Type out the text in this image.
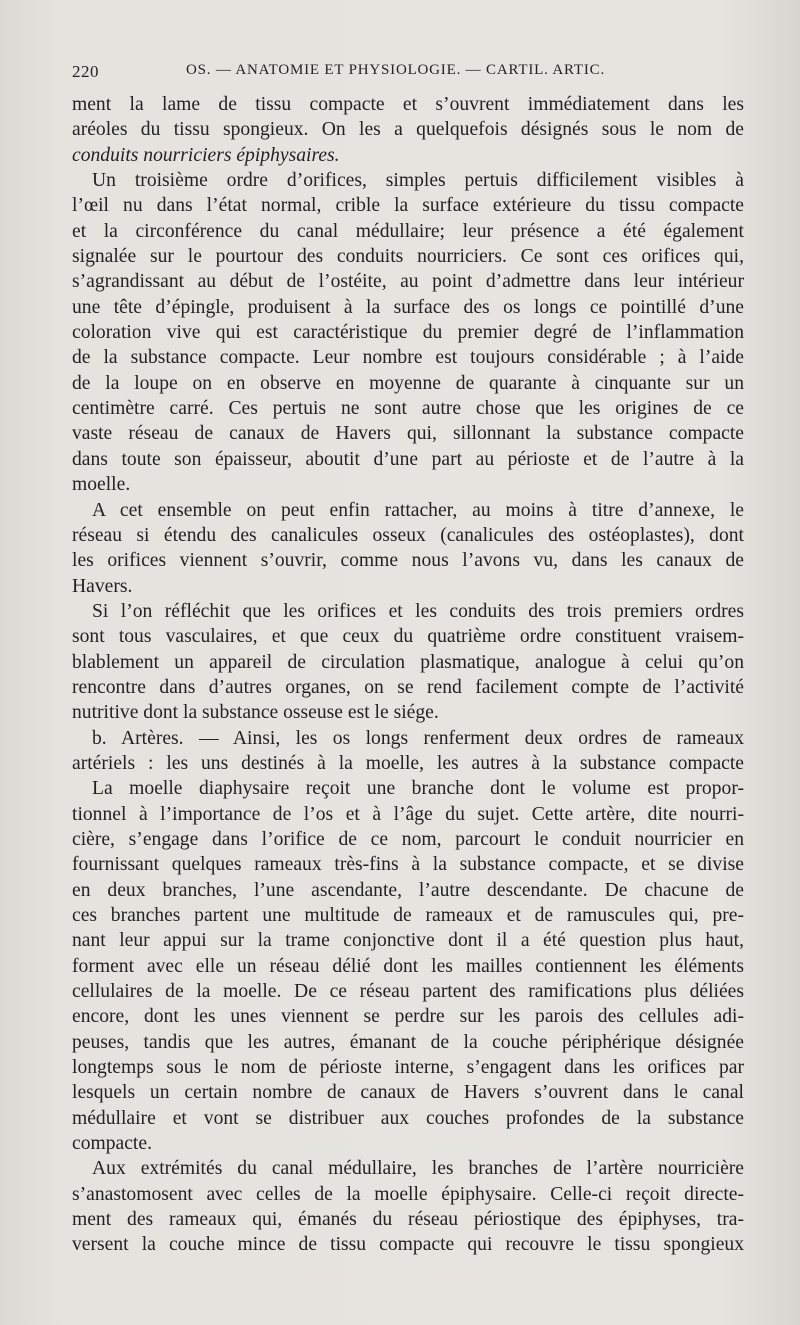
220	OS. — ANATOMIE ET PHYSIOLOGIE. — CARTIL. ARTIC.
ment la lame de tissu compacte et s’ouvrent immédiatement dans les
aréoles du tissu spongieux. On les a quelquefois désignés sous le nom de
conduits nourriciers épiphysaires.
Un troisième ordre d’orifices, simples pertuis difficilement visibles à
l’œil nu dans l’état normal, crible la surface extérieure du tissu compacte
et la circonférence du canal médullaire; leur présence a été également
signalée sur le pourtour des conduits nourriciers. Ce sont ces orifices qui,
s’agrandissant au début de l’ostéite, au point d’admettre dans leur intérieur
une tête d’épingle, produisent à la surface des os longs ce pointillé d’une
coloration vive qui est caractéristique du premier degré de l’inflammation
de la substance compacte. Leur nombre est toujours considérable ; à l’aide
de la loupe on en observe en moyenne de quarante à cinquante sur un
centimètre carré. Ces pertuis ne sont autre chose que les origines de ce
vaste réseau de canaux de Havers qui, sillonnant la substance compacte
dans toute son épaisseur, aboutit d’une part au périoste et de l’autre à la
moelle.
A cet ensemble on peut enfin rattacher, au moins à titre d’annexe, le
réseau si étendu des canalicules osseux (canalicules des ostéoplastes), dont
les orifices viennent s’ouvrir, comme nous l’avons vu, dans les canaux de
Havers.
Si l’on réfléchit que les orifices et les conduits des trois premiers ordres
sont tous vasculaires, et que ceux du quatrième ordre constituent vraisem-
blablement un appareil de circulation plasmatique, analogue à celui qu’on
rencontre dans d’autres organes, on se rend facilement compte de l’activité
nutritive dont la substance osseuse est le siége.
b. Artères. — Ainsi, les os longs renferment deux ordres de rameaux
artériels : les uns destinés à la moelle, les autres à la substance compacte
La moelle diaphysaire reçoit une branche dont le volume est propor-
tionnel à l’importance de l’os et à l’âge du sujet. Cette artère, dite nourri-
cière, s’engage dans l’orifice de ce nom, parcourt le conduit nourricier en
fournissant quelques rameaux très-fins à la substance compacte, et se divise
en deux branches, l’une ascendante, l’autre descendante. De chacune de
ces branches partent une multitude de rameaux et de ramuscules qui, pre-
nant leur appui sur la trame conjonctive dont il a été question plus haut,
forment avec elle un réseau délié dont les mailles contiennent les éléments
cellulaires de la moelle. De ce réseau partent des ramifications plus déliées
encore, dont les unes viennent se perdre sur les parois des cellules adi-
peuses, tandis que les autres, émanant de la couche périphérique désignée
longtemps sous le nom de périoste interne, s’engagent dans les orifices par
lesquels un certain nombre de canaux de Havers s’ouvrent dans le canal
médullaire et vont se distribuer aux couches profondes de la substance
compacte.
Aux extrémités du canal médullaire, les branches de l’artère nourricière
s’anastomosent avec celles de la moelle épiphysaire. Celle-ci reçoit directe-
ment des rameaux qui, émanés du réseau périostique des épiphyses, tra-
versent la couche mince de tissu compacte qui recouvre le tissu spongieux
